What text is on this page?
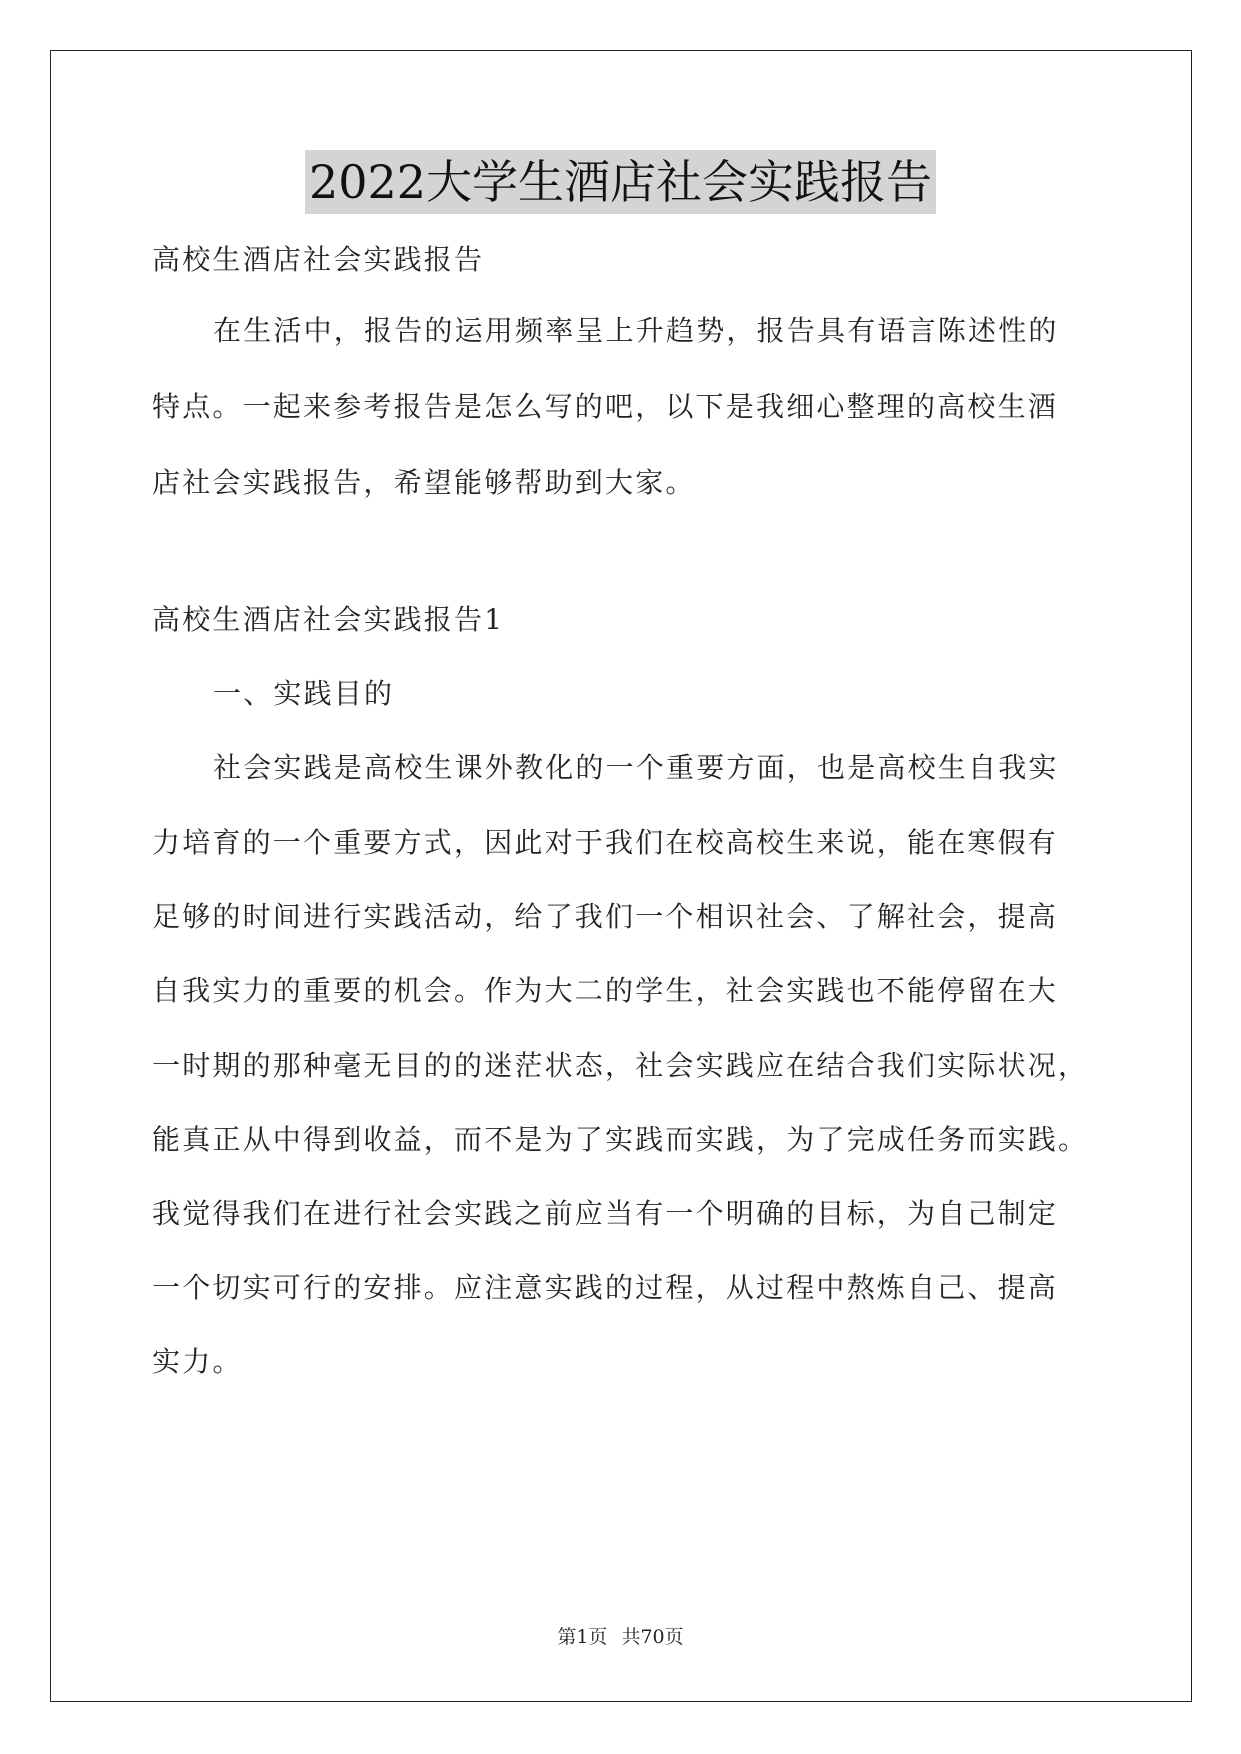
2022大学生酒店社会实践报告
高校生酒店社会实践报告
在生活中，报告的运用频率呈上升趋势，报告具有语言陈述性的
特点。一起来参考报告是怎么写的吧，以下是我细心整理的高校生酒
店社会实践报告，希望能够帮助到大家。
高校生酒店社会实践报告1
一、实践目的
社会实践是高校生课外教化的一个重要方面，也是高校生自我实
力培育的一个重要方式，因此对于我们在校高校生来说，能在寒假有
足够的时间进行实践活动，给了我们一个相识社会、了解社会，提高
自我实力的重要的机会。作为大二的学生，社会实践也不能停留在大
一时期的那种毫无目的的迷茫状态，社会实践应在结合我们实际状况，
能真正从中得到收益，而不是为了实践而实践，为了完成任务而实践。
我觉得我们在进行社会实践之前应当有一个明确的目标，为自己制定
一个切实可行的安排。应注意实践的过程，从过程中熬炼自己、提高
实力。
第1页 共70页
